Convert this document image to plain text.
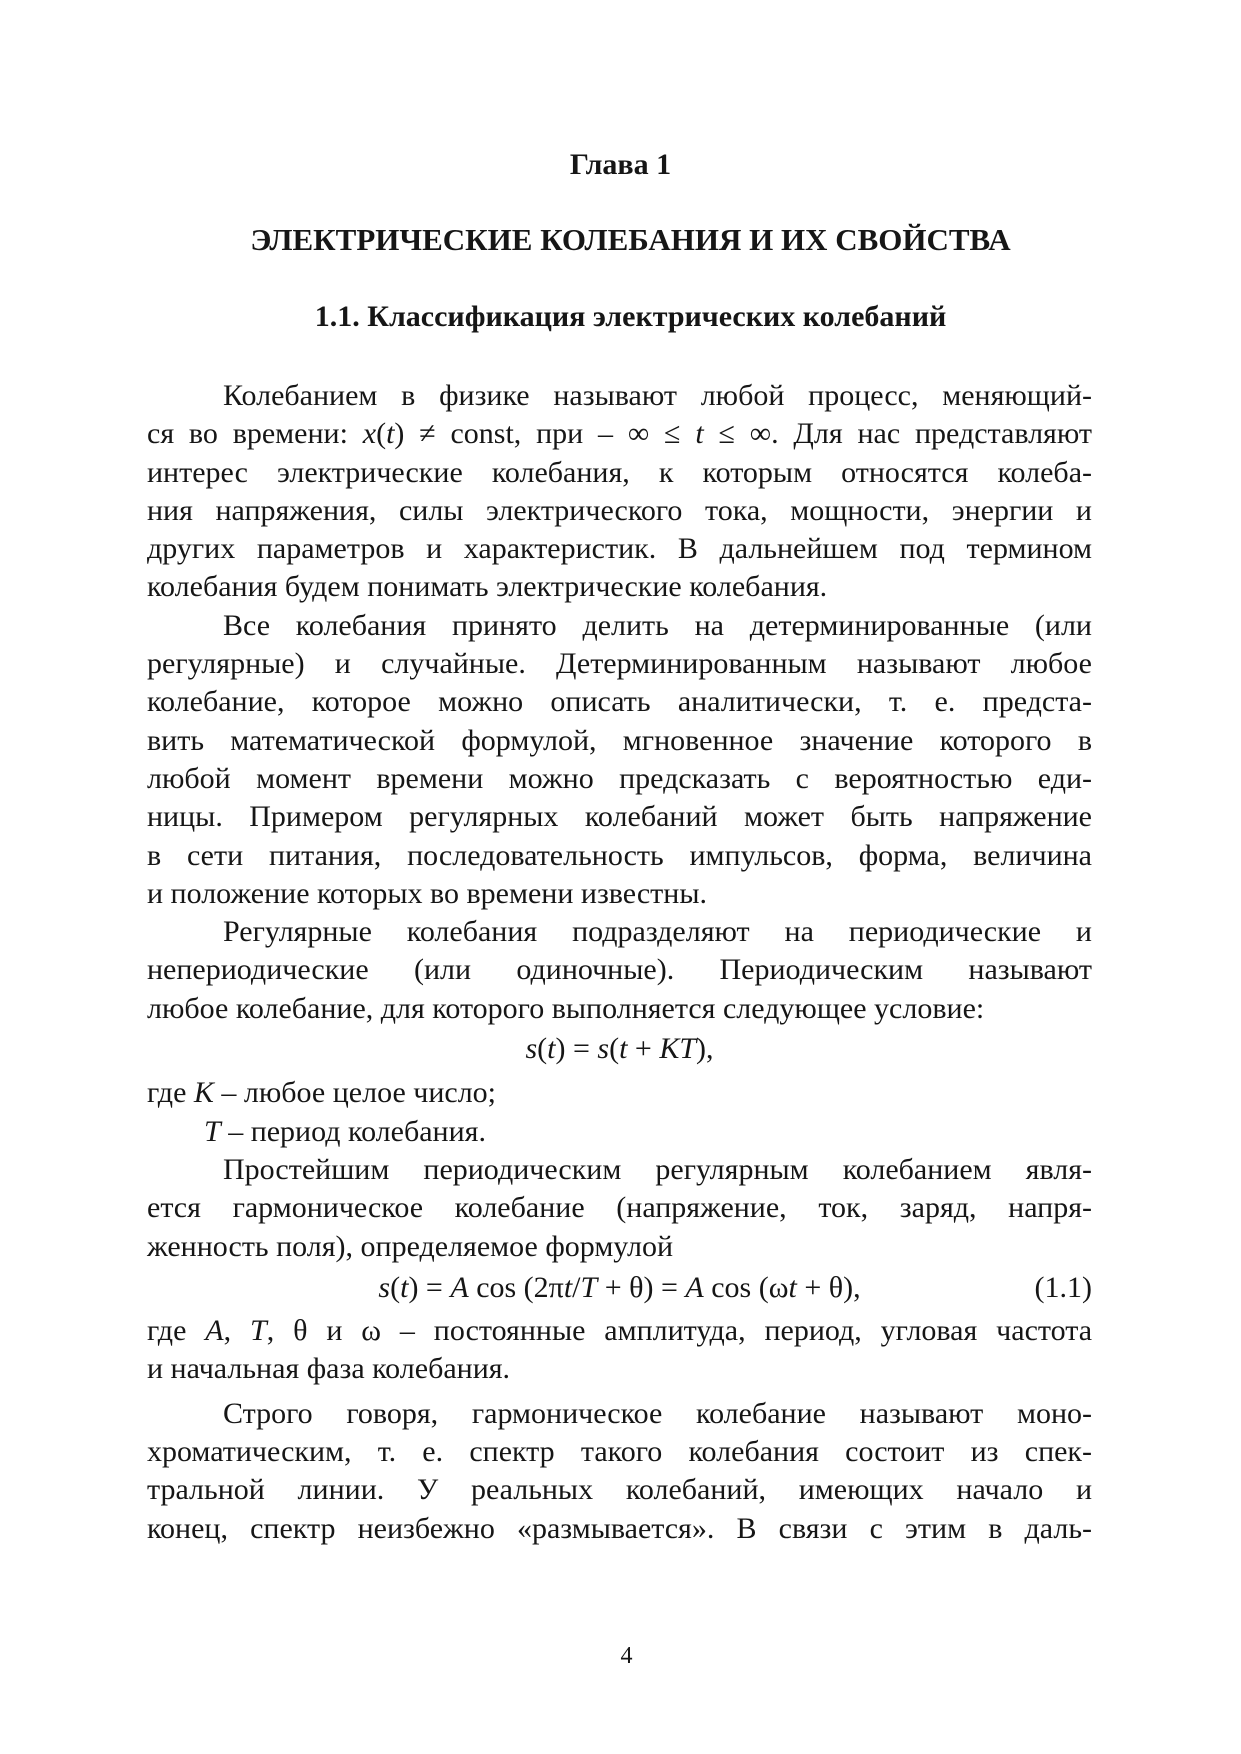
Глава 1
ЭЛЕКТРИЧЕСКИЕ КОЛЕБАНИЯ И ИХ СВОЙСТВА
1.1. Классификация электрических колебаний

Колебанием в физике называют любой процесс, меняющий-

ся во времени: x(t) ≠ const, при – ∞ ≤ t ≤ ∞. Для нас представляют

интерес электрические колебания, к которым относятся колеба-

ния напряжения, силы электрического тока, мощности, энергии и

других параметров и характеристик. В дальнейшем под термином

колебания будем понимать электрические колебания.

Все колебания принято делить на детерминированные (или

регулярные) и случайные. Детерминированным называют любое

колебание, которое можно описать аналитически, т. е. предста-

вить математической формулой, мгновенное значение которого в

любой момент времени можно предсказать с вероятностью еди-

ницы. Примером регулярных колебаний может быть напряжение

в сети питания, последовательность импульсов, форма, величина

и положение которых во времени известны.

Регулярные колебания подразделяют на периодические и

непериодические (или одиночные). Периодическим называют

любое колебание, для которого выполняется следующее условие:

s(t) = s(t + KT),

где K – любое целое число;

T – период колебания.

Простейшим периодическим регулярным колебанием явля-

ется гармоническое колебание (напряжение, ток, заряд, напря-

женность поля), определяемое формулой

s(t) = A cos (2πt/T + θ) = A cos (ωt + θ),	(1.1)

где A, T, θ и ω – постоянные амплитуда, период, угловая частота

и начальная фаза колебания.

Строго говоря, гармоническое колебание называют моно-

хроматическим, т. е. спектр такого колебания состоит из спек-

тральной линии. У реальных колебаний, имеющих начало и

конец, спектр неизбежно «размывается». В связи с этим в даль-

4
